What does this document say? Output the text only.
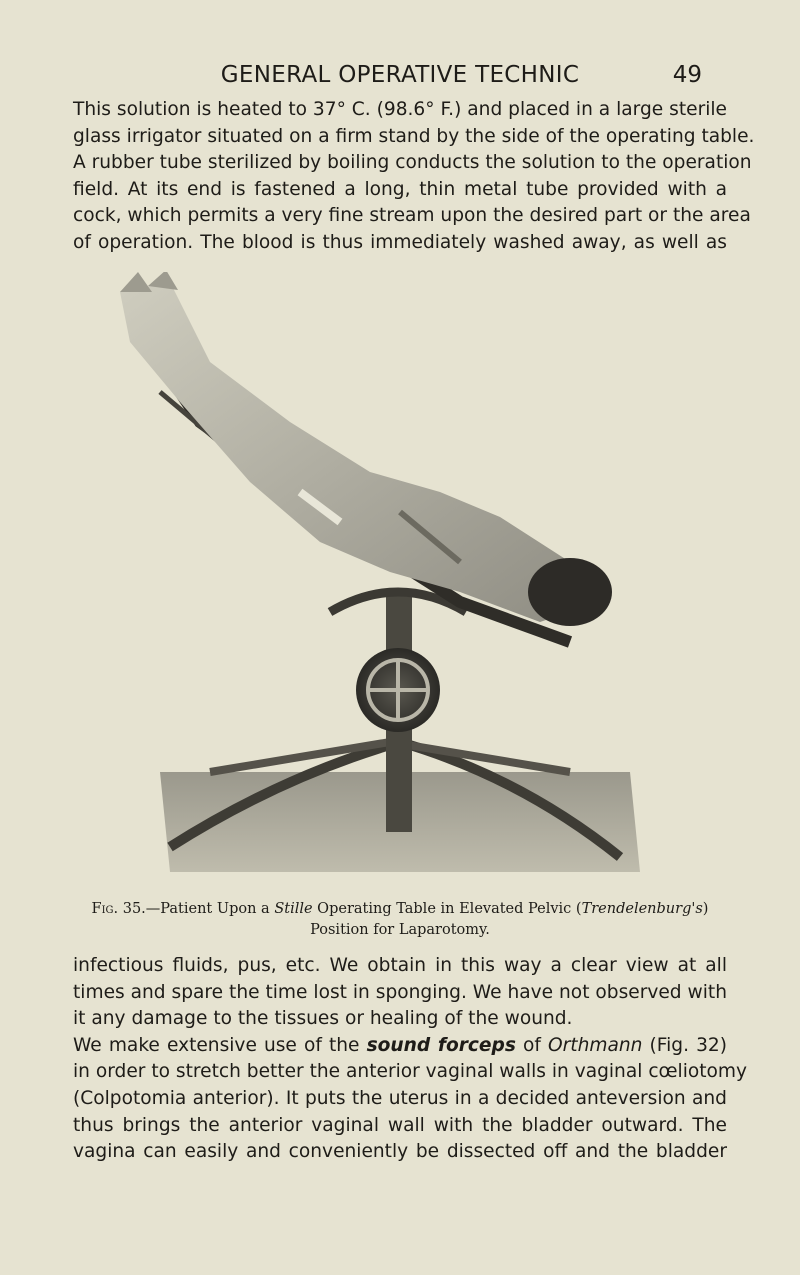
GENERAL OPERATIVE TECHNIC	49
This solution is heated to 37° C. (98.6° F.) and placed in a large sterile
glass irrigator situated on a firm stand by the side of the operating table.
A rubber tube sterilized by boiling conducts the solution to the operation
field. At its end is fastened a long, thin metal tube provided with a
cock, which permits a very fine stream upon the desired part or the area
of operation. The blood is thus immediately washed away, as well as
Fig. 35.—Patient Upon a Stille Operating Table in Elevated Pelvic (Trendelenburg's)
Position for Laparotomy.
infectious fluids, pus, etc. We obtain in this way a clear view at all
times and spare the time lost in sponging. We have not observed with
it any damage to the tissues or healing of the wound.
We make extensive use of the sound forceps of Orthmann (Fig. 32)
in order to stretch better the anterior vaginal walls in vaginal cœliotomy
(Colpotomia anterior). It puts the uterus in a decided anteversion and
thus brings the anterior vaginal wall with the bladder outward. The
vagina can easily and conveniently be dissected off and the bladder
